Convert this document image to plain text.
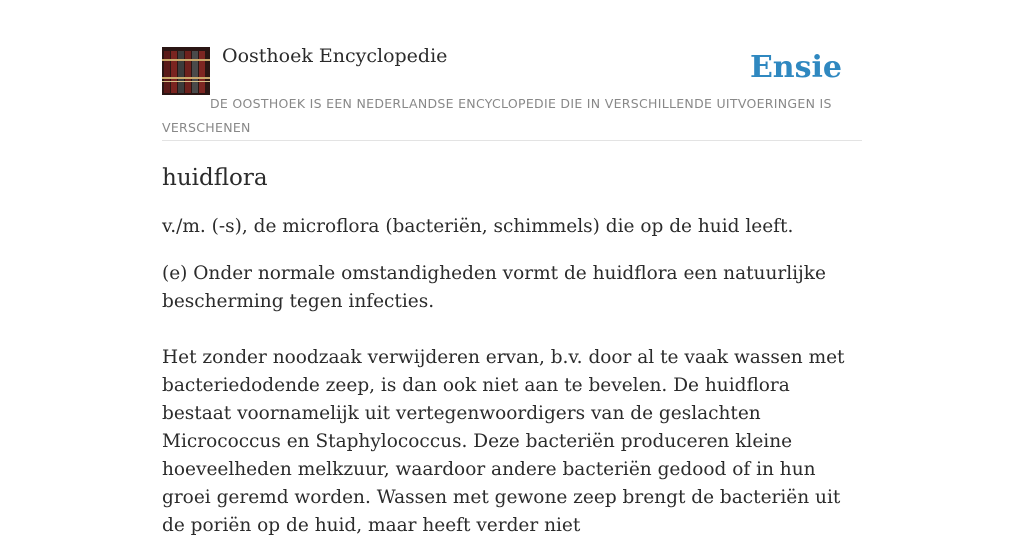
Oosthoek Encyclopedie	Ensie
DE OOSTHOEK IS EEN NEDERLANDSE ENCYCLOPEDIE DIE IN VERSCHILLENDE UITVOERINGEN IS VERSCHENEN
huidflora

v./m. (-s), de microflora (bacteriën, schimmels) die op de huid leeft.

(e) Onder normale omstandigheden vormt de huidflora een natuurlijke bescherming tegen infecties.

Het zonder noodzaak verwijderen ervan, b.v. door al te vaak wassen met bacteriedodende zeep, is dan ook niet aan te bevelen. De huidflora bestaat voornamelijk uit vertegenwoordigers van de geslachten Micrococcus en Staphylococcus. Deze bacteriën produceren kleine hoeveelheden melkzuur, waardoor andere bacteriën gedood of in hun groei geremd worden. Wassen met gewone zeep brengt de bacteriën uit de poriën op de huid, maar heeft verder niet
